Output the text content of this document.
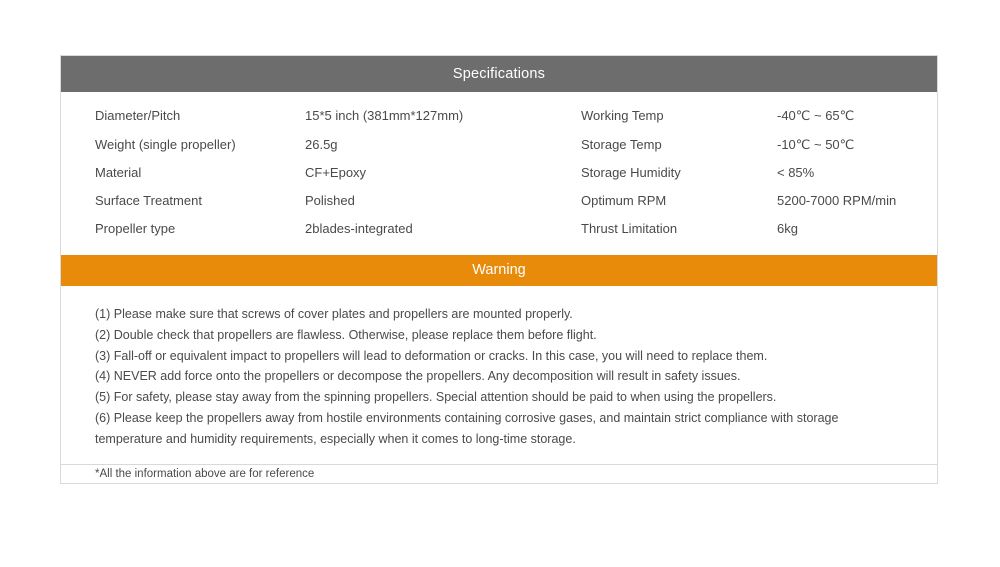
Specifications
Diameter/Pitch	15*5 inch (381mm*127mm)	Working Temp	-40℃ ~ 65℃
Weight (single propeller)	26.5g	Storage Temp	-10℃ ~ 50℃
Material	CF+Epoxy	Storage Humidity	< 85%
Surface Treatment	Polished	Optimum RPM	5200-7000 RPM/min
Propeller type	2blades-integrated	Thrust Limitation	6kg
Warning
(1) Please make sure that screws of cover plates and propellers are mounted properly.
(2) Double check that propellers are flawless. Otherwise, please replace them before flight.
(3) Fall-off or equivalent impact to propellers will lead to deformation or cracks. In this case, you will need to replace them.
(4) NEVER add force onto the propellers or decompose the propellers. Any decomposition will result in safety issues.
(5) For safety, please stay away from the spinning propellers. Special attention should be paid to when using the propellers.
(6) Please keep the propellers away from hostile environments containing corrosive gases, and maintain strict compliance with storage temperature and humidity requirements, especially when it comes to long-time storage.
*All the information above are for reference
